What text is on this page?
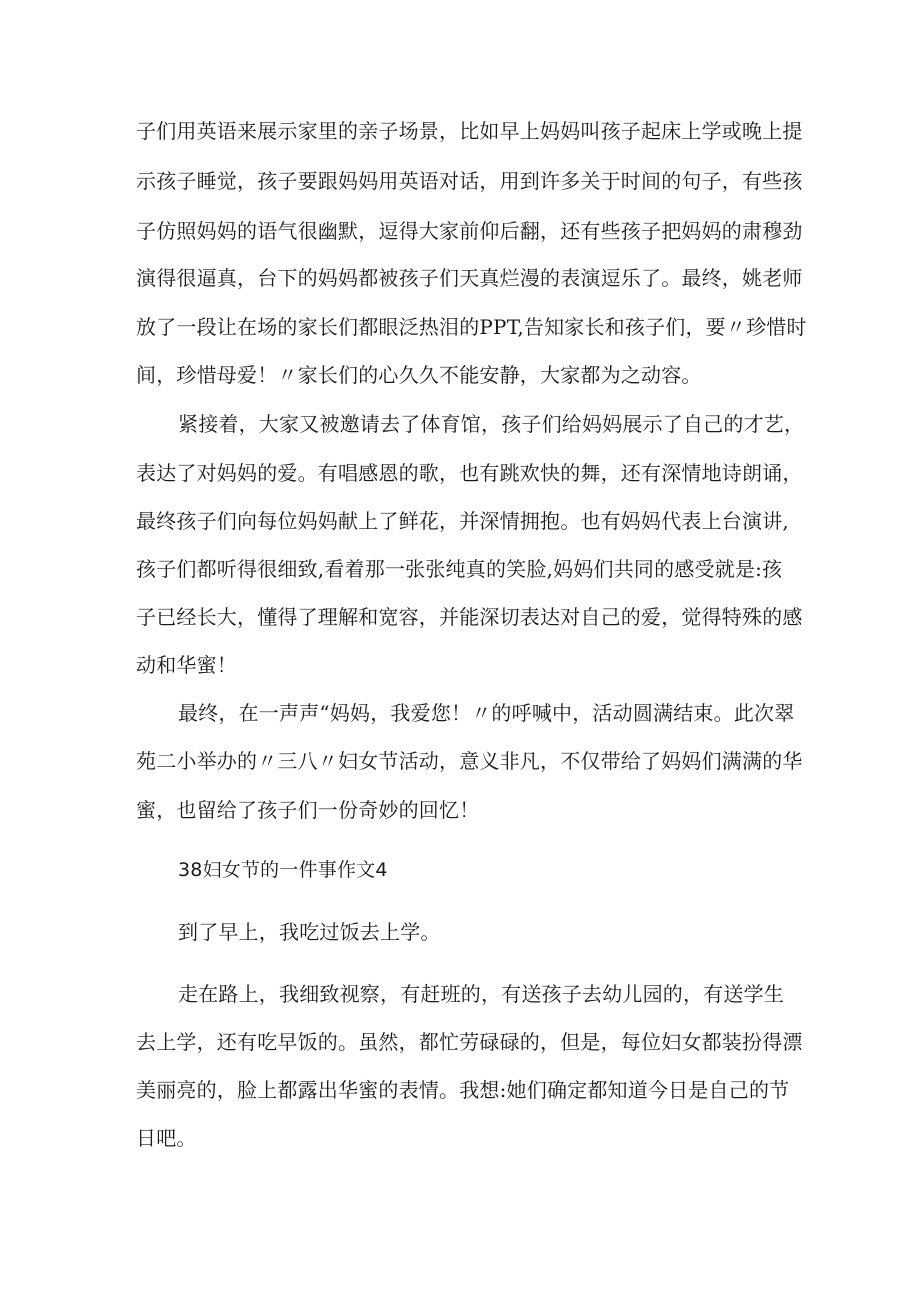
子们用英语来展示家里的亲子场景，比如早上妈妈叫孩子起床上学或晚上提

示孩子睡觉，孩子要跟妈妈用英语对话，用到许多关于时间的句子，有些孩

子仿照妈妈的语气很幽默，逗得大家前仰后翻，还有些孩子把妈妈的肃穆劲

演得很逼真，台下的妈妈都被孩子们天真烂漫的表演逗乐了。最终，姚老师

放了一段让在场的家长们都眼泛热泪的PPT,告知家长和孩子们，要〃珍惜时

间，珍惜母爱！〃家长们的心久久不能安静，大家都为之动容。

紧接着，大家又被邀请去了体育馆，孩子们给妈妈展示了自己的才艺，

表达了对妈妈的爱。有唱感恩的歌，也有跳欢快的舞，还有深情地诗朗诵，

最终孩子们向每位妈妈献上了鲜花，并深情拥抱。也有妈妈代表上台演讲,

孩子们都听得很细致,看着那一张张纯真的笑脸,妈妈们共同的感受就是:孩

子已经长大，懂得了理解和宽容，并能深切表达对自己的爱，觉得特殊的感

动和华蜜！

最终，在一声声“妈妈，我爱您！〃的呼喊中，活动圆满结束。此次翠

苑二小举办的〃三八〃妇女节活动，意义非凡，不仅带给了妈妈们满满的华

蜜，也留给了孩子们一份奇妙的回忆！

38妇女节的一件事作文4

到了早上，我吃过饭去上学。

走在路上，我细致视察，有赶班的，有送孩子去幼儿园的，有送学生

去上学，还有吃早饭的。虽然，都忙劳碌碌的，但是，每位妇女都装扮得漂

美丽亮的，脸上都露出华蜜的表情。我想:她们确定都知道今日是自己的节

日吧。
